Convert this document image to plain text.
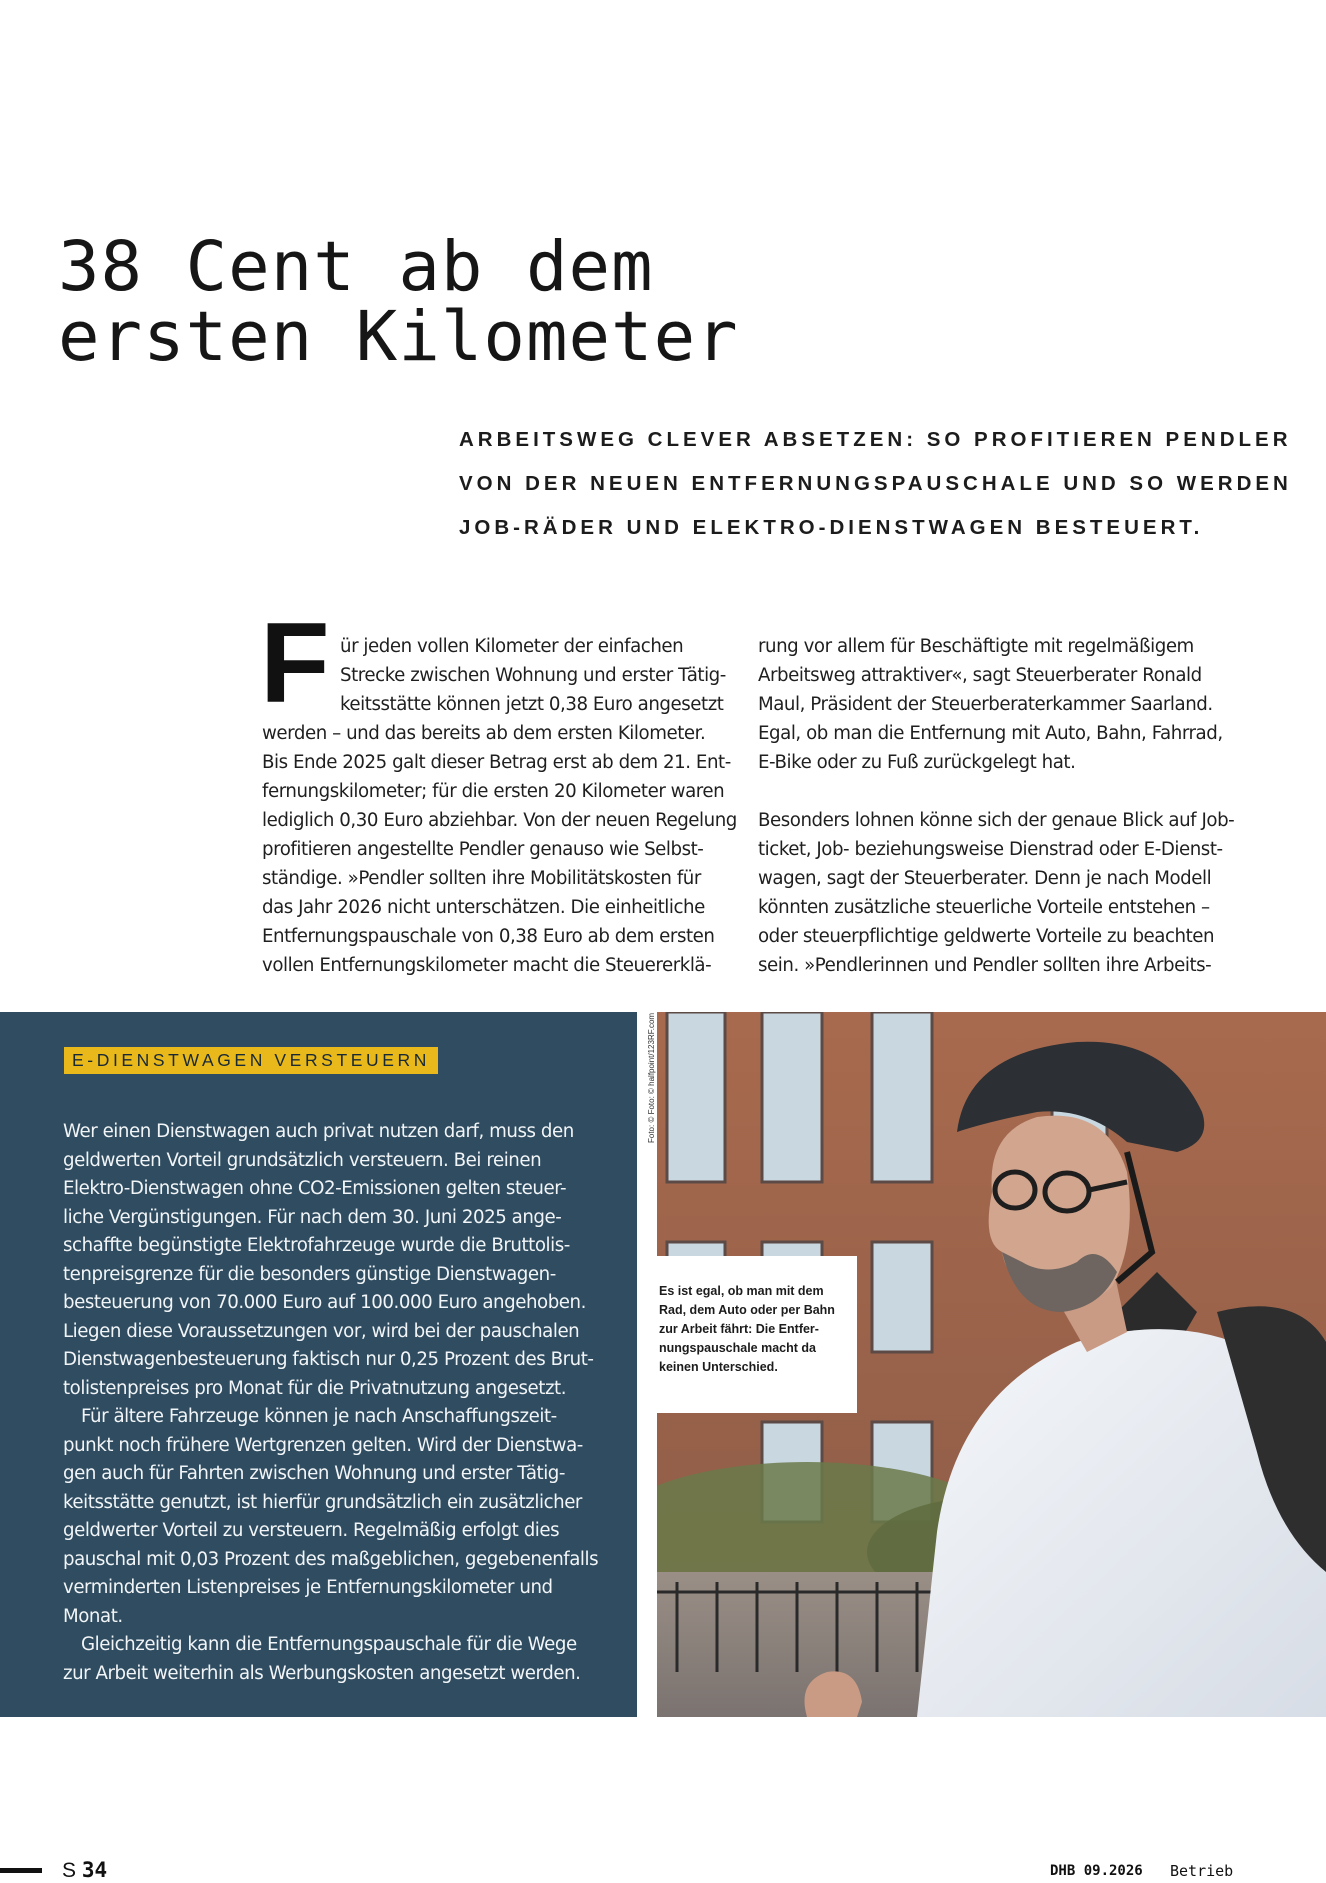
38 Cent ab dem
ersten Kilometer
ARBEITSWEG CLEVER ABSETZEN: SO PROFITIEREN PENDLER
VON DER NEUEN ENTFERNUNGSPAUSCHALE UND SO WERDEN
JOB-RÄDER UND ELEKTRO-DIENSTWAGEN BESTEUERT.
F ür jeden vollen Kilometer der einfachen
Strecke zwischen Wohnung und erster Tätig-
keitsstätte können jetzt 0,38 Euro angesetzt
werden – und das bereits ab dem ersten Kilometer.
Bis Ende 2025 galt dieser Betrag erst ab dem 21. Ent-
fernungskilometer; für die ersten 20 Kilometer waren
lediglich 0,30 Euro abziehbar. Von der neuen Regelung
profitieren angestellte Pendler genauso wie Selbst-
ständige. »Pendler sollten ihre Mobilitätskosten für
das Jahr 2026 nicht unterschätzen. Die einheitliche
Entfernungspauschale von 0,38 Euro ab dem ersten
vollen Entfernungskilometer macht die Steuererklä-
rung vor allem für Beschäftigte mit regelmäßigem
Arbeitsweg attraktiver«, sagt Steuerberater Ronald
Maul, Präsident der Steuerberaterkammer Saarland.
Egal, ob man die Entfernung mit Auto, Bahn, Fahrrad,
E-Bike oder zu Fuß zurückgelegt hat.
Besonders lohnen könne sich der genaue Blick auf Job-
ticket, Job- beziehungsweise Dienstrad oder E-Dienst-
wagen, sagt der Steuerberater. Denn je nach Modell
könnten zusätzliche steuerliche Vorteile entstehen –
oder steuerpflichtige geldwerte Vorteile zu beachten
sein. »Pendlerinnen und Pendler sollten ihre Arbeits-
E-DIENSTWAGEN VERSTEUERN
Wer einen Dienstwagen auch privat nutzen darf, muss den
geldwerten Vorteil grundsätzlich versteuern. Bei reinen
Elektro-Dienstwagen ohne CO2-Emissionen gelten steuer-
liche Vergünstigungen. Für nach dem 30. Juni 2025 ange-
schaffte begünstigte Elektrofahrzeuge wurde die Bruttolis-
tenpreisgrenze für die besonders günstige Dienstwagen-
besteuerung von 70.000 Euro auf 100.000 Euro angehoben.
Liegen diese Voraussetzungen vor, wird bei der pauschalen
Dienstwagenbesteuerung faktisch nur 0,25 Prozent des Brut-
tolistenpreises pro Monat für die Privatnutzung angesetzt.
Für ältere Fahrzeuge können je nach Anschaffungszeit-
punkt noch frühere Wertgrenzen gelten. Wird der Dienstwa-
gen auch für Fahrten zwischen Wohnung und erster Tätig-
keitsstätte genutzt, ist hierfür grundsätzlich ein zusätzlicher
geldwerter Vorteil zu versteuern. Regelmäßig erfolgt dies
pauschal mit 0,03 Prozent des maßgeblichen, gegebenenfalls
verminderten Listenpreises je Entfernungskilometer und
Monat.
Gleichzeitig kann die Entfernungspauschale für die Wege
zur Arbeit weiterhin als Werbungskosten angesetzt werden.
Foto: © Foto: © halfpoint/123RF.com
Es ist egal, ob man mit dem
Rad, dem Auto oder per Bahn
zur Arbeit fährt: Die Entfer-
nungspauschale macht da
keinen Unterschied.
S 34	DHB 09.2026 Betrieb
